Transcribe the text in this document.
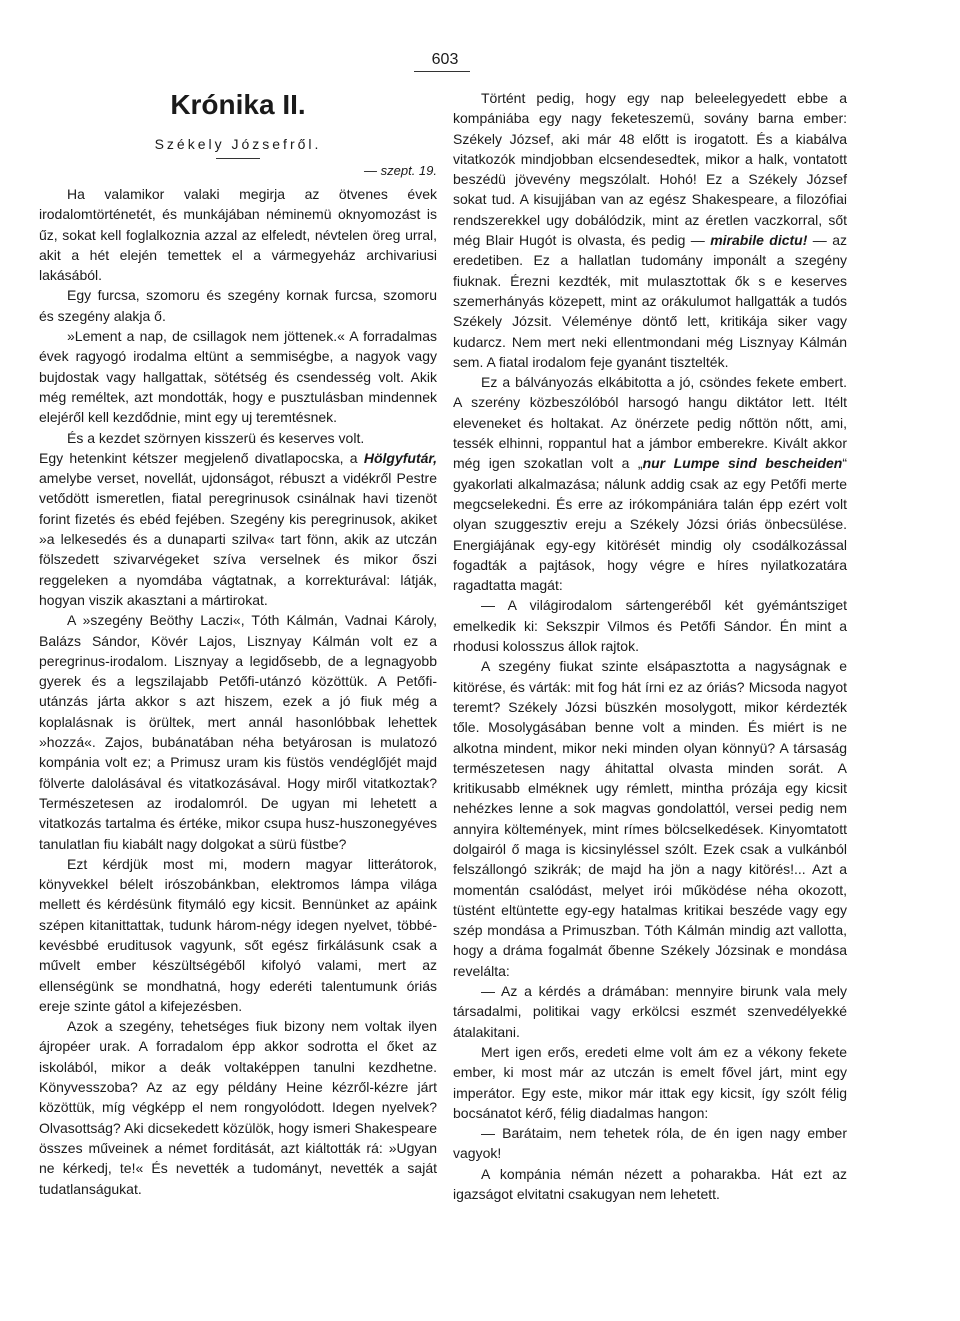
603
Krónika II.
Székely Józsefről.
— szept. 19.

Ha valamikor valaki megirja az ötvenes évek irodalomtörténetét, és munkájában néminemü oknyomozást is űz, sokat kell foglalkoznia azzal az elfeledt, névtelen öreg urral, akit a hét elején temettek el a vármegyeház archivariusi lakásából.

Egy furcsa, szomoru és szegény kornak furcsa, szomoru és szegény alakja ő.

»Lement a nap, de csillagok nem jöttenek.« A forradalmas évek ragyogó irodalma eltünt a semmiségbe, a nagyok vagy bujdostak vagy hallgattak, sötétség és csendesség volt. Akik még reméltek, azt mondották, hogy e pusztulásban mindennek elejéről kell kezdődnie, mint egy uj teremtésnek.

És a kezdet szörnyen kisszerü és keserves volt.

Egy hetenkint kétszer megjelenő divatlapocska, a Hölgyfutár, amelybe verset, novellát, ujdonságot, rébuszt a vidékről Pestre vetődött ismeretlen, fiatal peregrinusok csinálnak havi tizenöt forint fizetés és ebéd fejében. Szegény kis peregrinusok, akiket »a lelkesedés és a dunaparti szilva« tart fönn, akik az utczán fölszedett szivarvégeket szíva verselnek és mikor őszi reggeleken a nyomdába vágtatnak, a korrekturával: látják, hogyan viszik akasztani a mártirokat.

A »szegény Beöthy Laczi«, Tóth Kálmán, Vadnai Károly, Balázs Sándor, Kövér Lajos, Lisznyay Kálmán volt ez a peregrinus-irodalom. Lisznyay a legidősebb, de a legnagyobb gyerek és a legszilajabb Petőfi-utánzó közöttük. A Petőfi-utánzás járta akkor s azt hiszem, ezek a jó fiuk még a koplalásnak is örültek, mert annál hasonlóbbak lehettek »hozzá«. Zajos, bubánatában néha betyárosan is mulatozó kompánia volt ez; a Primusz uram kis füstös vendéglőjét majd fölverte dalolásával és vitatkozásával. Hogy miről vitatkoztak? Természetesen az irodalomról. De ugyan mi lehetett a vitatkozás tartalma és értéke, mikor csupa husz-huszonegyéves tanulatlan fiu kiabált nagy dolgokat a sürü füstbe?

Ezt kérdjük most mi, modern magyar litterátorok, könyvekkel bélelt irószobánkban, elektromos lámpa világa mellett és kérdésünk fitymáló egy kicsit. Bennünket az apáink szépen kitanittattak, tudunk három-négy idegen nyelvet, többé-kevésbbé eruditusok vagyunk, sőt egész firkálásunk csak a művelt ember készültségéből kifolyó valami, mert az ellenségünk se mondhatná, hogy ederéti talentumunk óriás ereje szinte gátol a kifejezésben.

Azok a szegény, tehetséges fiuk bizony nem voltak ilyen ájropéer urak. A forradalom épp akkor sodrotta el őket az iskolából, mikor a deák voltaképpen tanulni kezdhetne. Könyvesszoba? Az az egy példány Heine kézről-kézre járt közöttük, míg végképp el nem rongyolódott. Idegen nyelvek? Olvasottság? Aki dicsekedett közülök, hogy ismeri Shakespeare összes műveinek a német forditását, azt kiáltották rá: »Ugyan ne kérkedj, te!« És nevették a tudományt, nevették a saját tudatlanságukat.

Történt pedig, hogy egy nap beleelegyedett ebbe a kompániába egy nagy feketeszemü, sovány barna ember: Székely József, aki már 48 előtt is irogatott. És a kiabálva vitatkozók mindjobban elcsendesedtek, mikor a halk, vontatott beszédü jövevény megszólalt. Hohó! Ez a Székely József sokat tud. A kisujjában van az egész Shakespeare, a filozófiai rendszerekkel ugy dobálódzik, mint az éretlen vaczkorral, sőt még Blair Hugót is olvasta, és pedig — mirabile dictu! — az eredetiben. Ez a hallatlan tudomány imponált a szegény fiuknak. Érezni kezdték, mit mulasztottak ők s e keserves szemerhányás közepett, mint az orákulumot hallgatták a tudós Székely Józsit. Véleménye döntő lett, kritikája siker vagy kudarcz. Nem mert neki ellentmondani még Lisznyay Kálmán sem. A fiatal irodalom feje gyanánt tisztelték.

Ez a bálványozás elkábitotta a jó, csöndes fekete embert. A szerény közbeszólóból harsogó hangu diktátor lett. Itélt eleveneket és holtakat. Az önérzete pedig nőttön nőtt, ami, tessék elhinni, roppantul hat a jámbor emberekre. Kivált akkor még igen szokatlan volt a „nur Lumpe sind bescheiden“ gyakorlati alkalmazása; nálunk addig csak az egy Petőfi merte megcselekedni. És erre az irókompániára talán épp ezért volt olyan szuggesztiv ereju a Székely Józsi óriás önbecsülése. Energiájának egy-egy kitörését mindig oly csodálkozással fogadták a pajtások, hogy végre e híres nyilatkozatára ragadtatta magát:

— A világirodalom sártengeréből két gyémántsziget emelkedik ki: Sekszpir Vilmos és Petőfi Sándor. Én mint a rhodusi kolosszus állok rajtok.

A szegény fiukat szinte elsápasztotta a nagyságnak e kitörése, és várták: mit fog hát írni ez az óriás? Micsoda nagyot teremt? Székely Józsi büszkén mosolygott, mikor kérdezték tőle. Mosolygásában benne volt a minden. És miért is ne alkotna mindent, mikor neki minden olyan könnyü? A társaság természetesen nagy áhitattal olvasta minden sorát. A kritikusabb elméknek ugy rémlett, mintha prózája egy kicsit nehézkes lenne a sok magvas gondolattól, versei pedig nem annyira költemények, mint rímes bölcselkedések. Kinyomtatott dolgairól ő maga is kicsinyléssel szólt. Ezek csak a vulkánból felszállongó szikrák; de majd ha jön a nagy kitörés!... Azt a momentán csalódást, melyet irói működése néha okozott, tüstént eltüntette egy-egy hatalmas kritikai beszéde vagy egy szép mondása a Primuszban. Tóth Kálmán mindig azt vallotta, hogy a dráma fogalmát őbenne Székely Józsinak e mondása reveláltа:

— Az a kérdés a drámában: mennyire birunk vala mely társadalmi, politikai vagy erkölcsi eszmét szenvedélyekké átalakitani.

Mert igen erős, eredeti elme volt ám ez a vékony fekete ember, ki most már az utczán is emelt fővel járt, mint egy imperátor. Egy este, mikor már ittak egy kicsit, így szólt félig bocsánatot kérő, félig diadalmas hangon:

— Barátaim, nem tehetek róla, de én igen nagy ember vagyok!

A kompánia némán nézett a poharakba. Hát ezt az igazságot elvitatni csakugyan nem lehetett.
